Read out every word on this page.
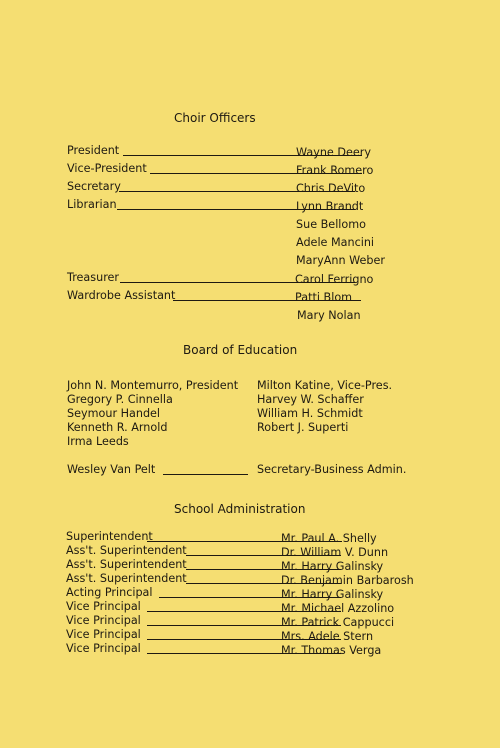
Choir Officers
President	Wayne Deery
Vice-President	Frank Romero
Secretary	Chris DeVito
Librarian	Lynn Brandt
Sue Bellomo
Adele Mancini
MaryAnn Weber
Treasurer	Carol Ferrigno
Wardrobe Assistant	Patti Blom
Mary Nolan
Board of Education
John N. Montemurro, President
Gregory P. Cinnella
Seymour Handel
Kenneth R. Arnold
Irma Leeds
Milton Katine, Vice-Pres.
Harvey W. Schaffer
William H. Schmidt
Robert J. Superti
Wesley Van Pelt	Secretary-Business Admin.
School Administration
Superintendent	Mr. Paul A. Shelly
Ass't. Superintendent	Dr. William V. Dunn
Ass't. Superintendent	Mr. Harry Galinsky
Ass't. Superintendent	Dr. Benjamin Barbarosh
Acting Principal	Mr. Harry Galinsky
Vice Principal	Mr. Michael Azzolino
Vice Principal	Mr. Patrick Cappucci
Vice Principal	Mrs. Adele Stern
Vice Principal	Mr. Thomas Verga
